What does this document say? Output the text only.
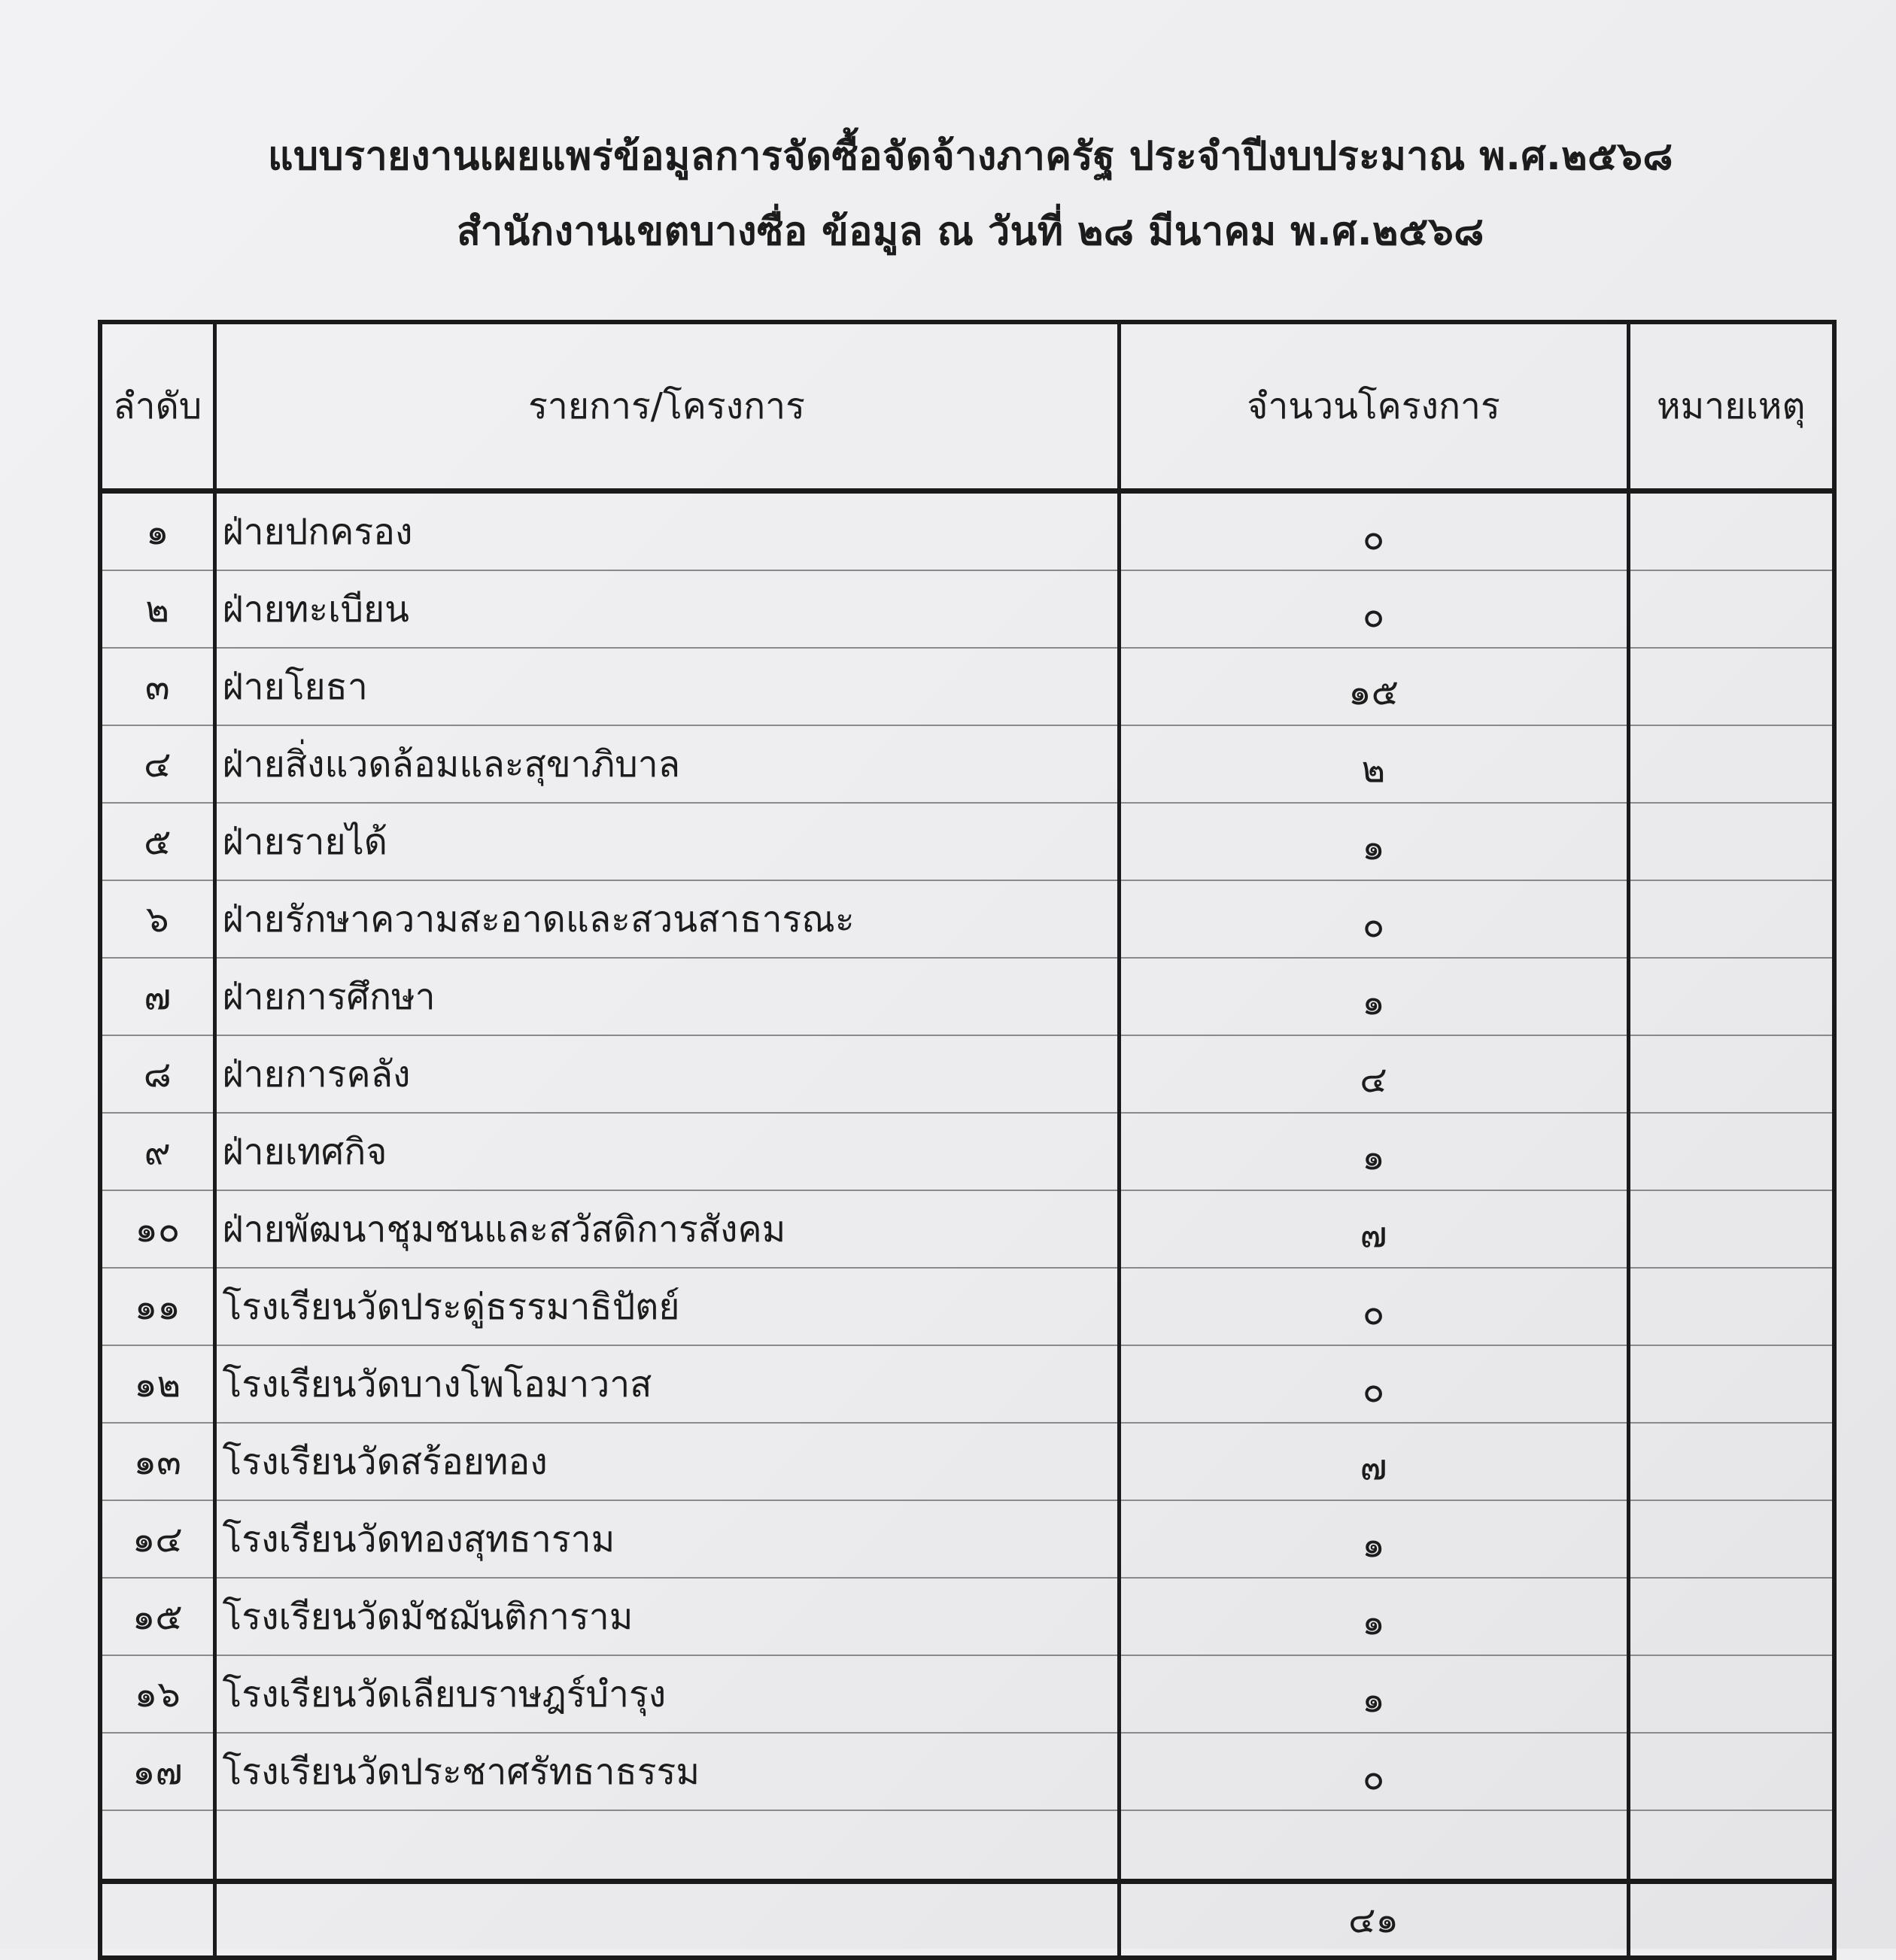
แบบรายงานเผยแพร่ข้อมูลการจัดซื้อจัดจ้างภาครัฐ ประจำปีงบประมาณ พ.ศ.๒๕๖๘
สำนักงานเขตบางซื่อ ข้อมูล ณ วันที่ ๒๘ มีนาคม พ.ศ.๒๕๖๘
ลำดับ	รายการ/โครงการ	จำนวนโครงการ	หมายเหตุ
๑	ฝ่ายปกครอง	๐	
๒	ฝ่ายทะเบียน	๐	
๓	ฝ่ายโยธา	๑๕	
๔	ฝ่ายสิ่งแวดล้อมและสุขาภิบาล	๒	
๕	ฝ่ายรายได้	๑	
๖	ฝ่ายรักษาความสะอาดและสวนสาธารณะ	๐	
๗	ฝ่ายการศึกษา	๑	
๘	ฝ่ายการคลัง	๔	
๙	ฝ่ายเทศกิจ	๑	
๑๐	ฝ่ายพัฒนาชุมชนและสวัสดิการสังคม	๗	
๑๑	โรงเรียนวัดประดู่ธรรมาธิปัตย์	๐	
๑๒	โรงเรียนวัดบางโพโอมาวาส	๐	
๑๓	โรงเรียนวัดสร้อยทอง	๗	
๑๔	โรงเรียนวัดทองสุทธาราม	๑	
๑๕	โรงเรียนวัดมัชฌันติการาม	๑	
๑๖	โรงเรียนวัดเลียบราษฎร์บำรุง	๑	
๑๗	โรงเรียนวัดประชาศรัทธาธรรม	๐	

		๔๑	
